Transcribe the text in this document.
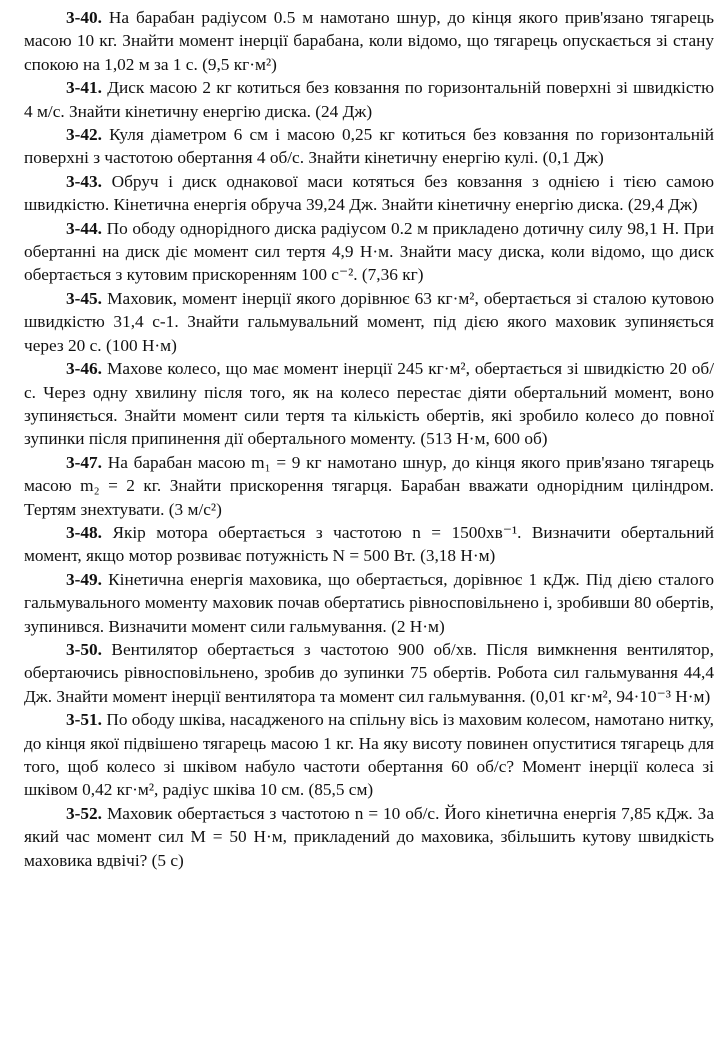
3-40. На барабан радіусом 0.5 м намотано шнур, до кінця якого прив'язано тягарець масою 10 кг. Знайти момент інерції барабана, коли відомо, що тягарець опускається зі стану спокою на 1,02 м за 1 с. (9,5 кг·м²)

3-41. Диск масою 2 кг котиться без ковзання по горизонтальній поверхні зі швидкістю 4 м/с. Знайти кінетичну енергію диска. (24 Дж)

3-42. Куля діаметром 6 см і масою 0,25 кг котиться без ковзання по горизонтальній поверхні з частотою обертання 4 об/с. Знайти кінетичну енергію кулі. (0,1 Дж)

3-43. Обруч і диск однакової маси котяться без ковзання з однією і тією самою швидкістю. Кінетична енергія обруча 39,24 Дж. Знайти кінетичну енергію диска. (29,4 Дж)

3-44. По ободу однорідного диска радіусом 0.2 м прикладено дотичну силу 98,1 Н. При обертанні на диск діє момент сил тертя 4,9 Н·м. Знайти масу диска, коли відомо, що диск обертається з кутовим прискоренням 100 с⁻². (7,36 кг)

3-45. Маховик, момент інерції якого дорівнює 63 кг·м², обертається зі сталою кутовою швидкістю 31,4 с-1. Знайти гальмувальний момент, під дією якого маховик зупиняється через 20 с. (100 Н·м)

3-46. Махове колесо, що має момент інерції 245 кг·м², обертається зі швидкістю 20 об/с. Через одну хвилину після того, як на колесо перестає діяти обертальний момент, воно зупиняється. Знайти момент сили тертя та кількість обертів, які зробило колесо до повної зупинки після припинення дії обертального моменту. (513 Н·м, 600 об)

3-47. На барабан масою m₁ = 9 кг намотано шнур, до кінця якого прив'язано тягарець масою m₂ = 2 кг. Знайти прискорення тягарця. Барабан вважати однорідним циліндром. Тертям знехтувати. (3 м/с²)

3-48. Якір мотора обертається з частотою n = 1500хв⁻¹. Визначити обертальний момент, якщо мотор розвиває потужність N = 500 Вт. (3,18 Н·м)

3-49. Кінетична енергія маховика, що обертається, дорівнює 1 кДж. Під дією сталого гальмувального моменту маховик почав обертатись рівносповільнено і, зробивши 80 обертів, зупинився. Визначити момент сили гальмування. (2 Н·м)

3-50. Вентилятор обертається з частотою 900 об/хв. Після вимкнення вентилятор, обертаючись рівносповільнено, зробив до зупинки 75 обертів. Робота сил гальмування 44,4 Дж. Знайти момент інерції вентилятора та момент сил гальмування. (0,01 кг·м², 94·10⁻³ Н·м)

3-51. По ободу шківа, насадженого на спільну вісь із маховим колесом, намотано нитку, до кінця якої підвішено тягарець масою 1 кг. На яку висоту повинен опуститися тягарець для того, щоб колесо зі шківом набуло частоти обертання 60 об/с? Момент інерції колеса зі шківом 0,42 кг·м², радіус шківа 10 см. (85,5 см)

3-52. Маховик обертається з частотою n = 10 об/с. Його кінетична енергія 7,85 кДж. За який час момент сил M = 50 Н·м, прикладений до маховика, збільшить кутову швидкість маховика вдвічі? (5 с)
